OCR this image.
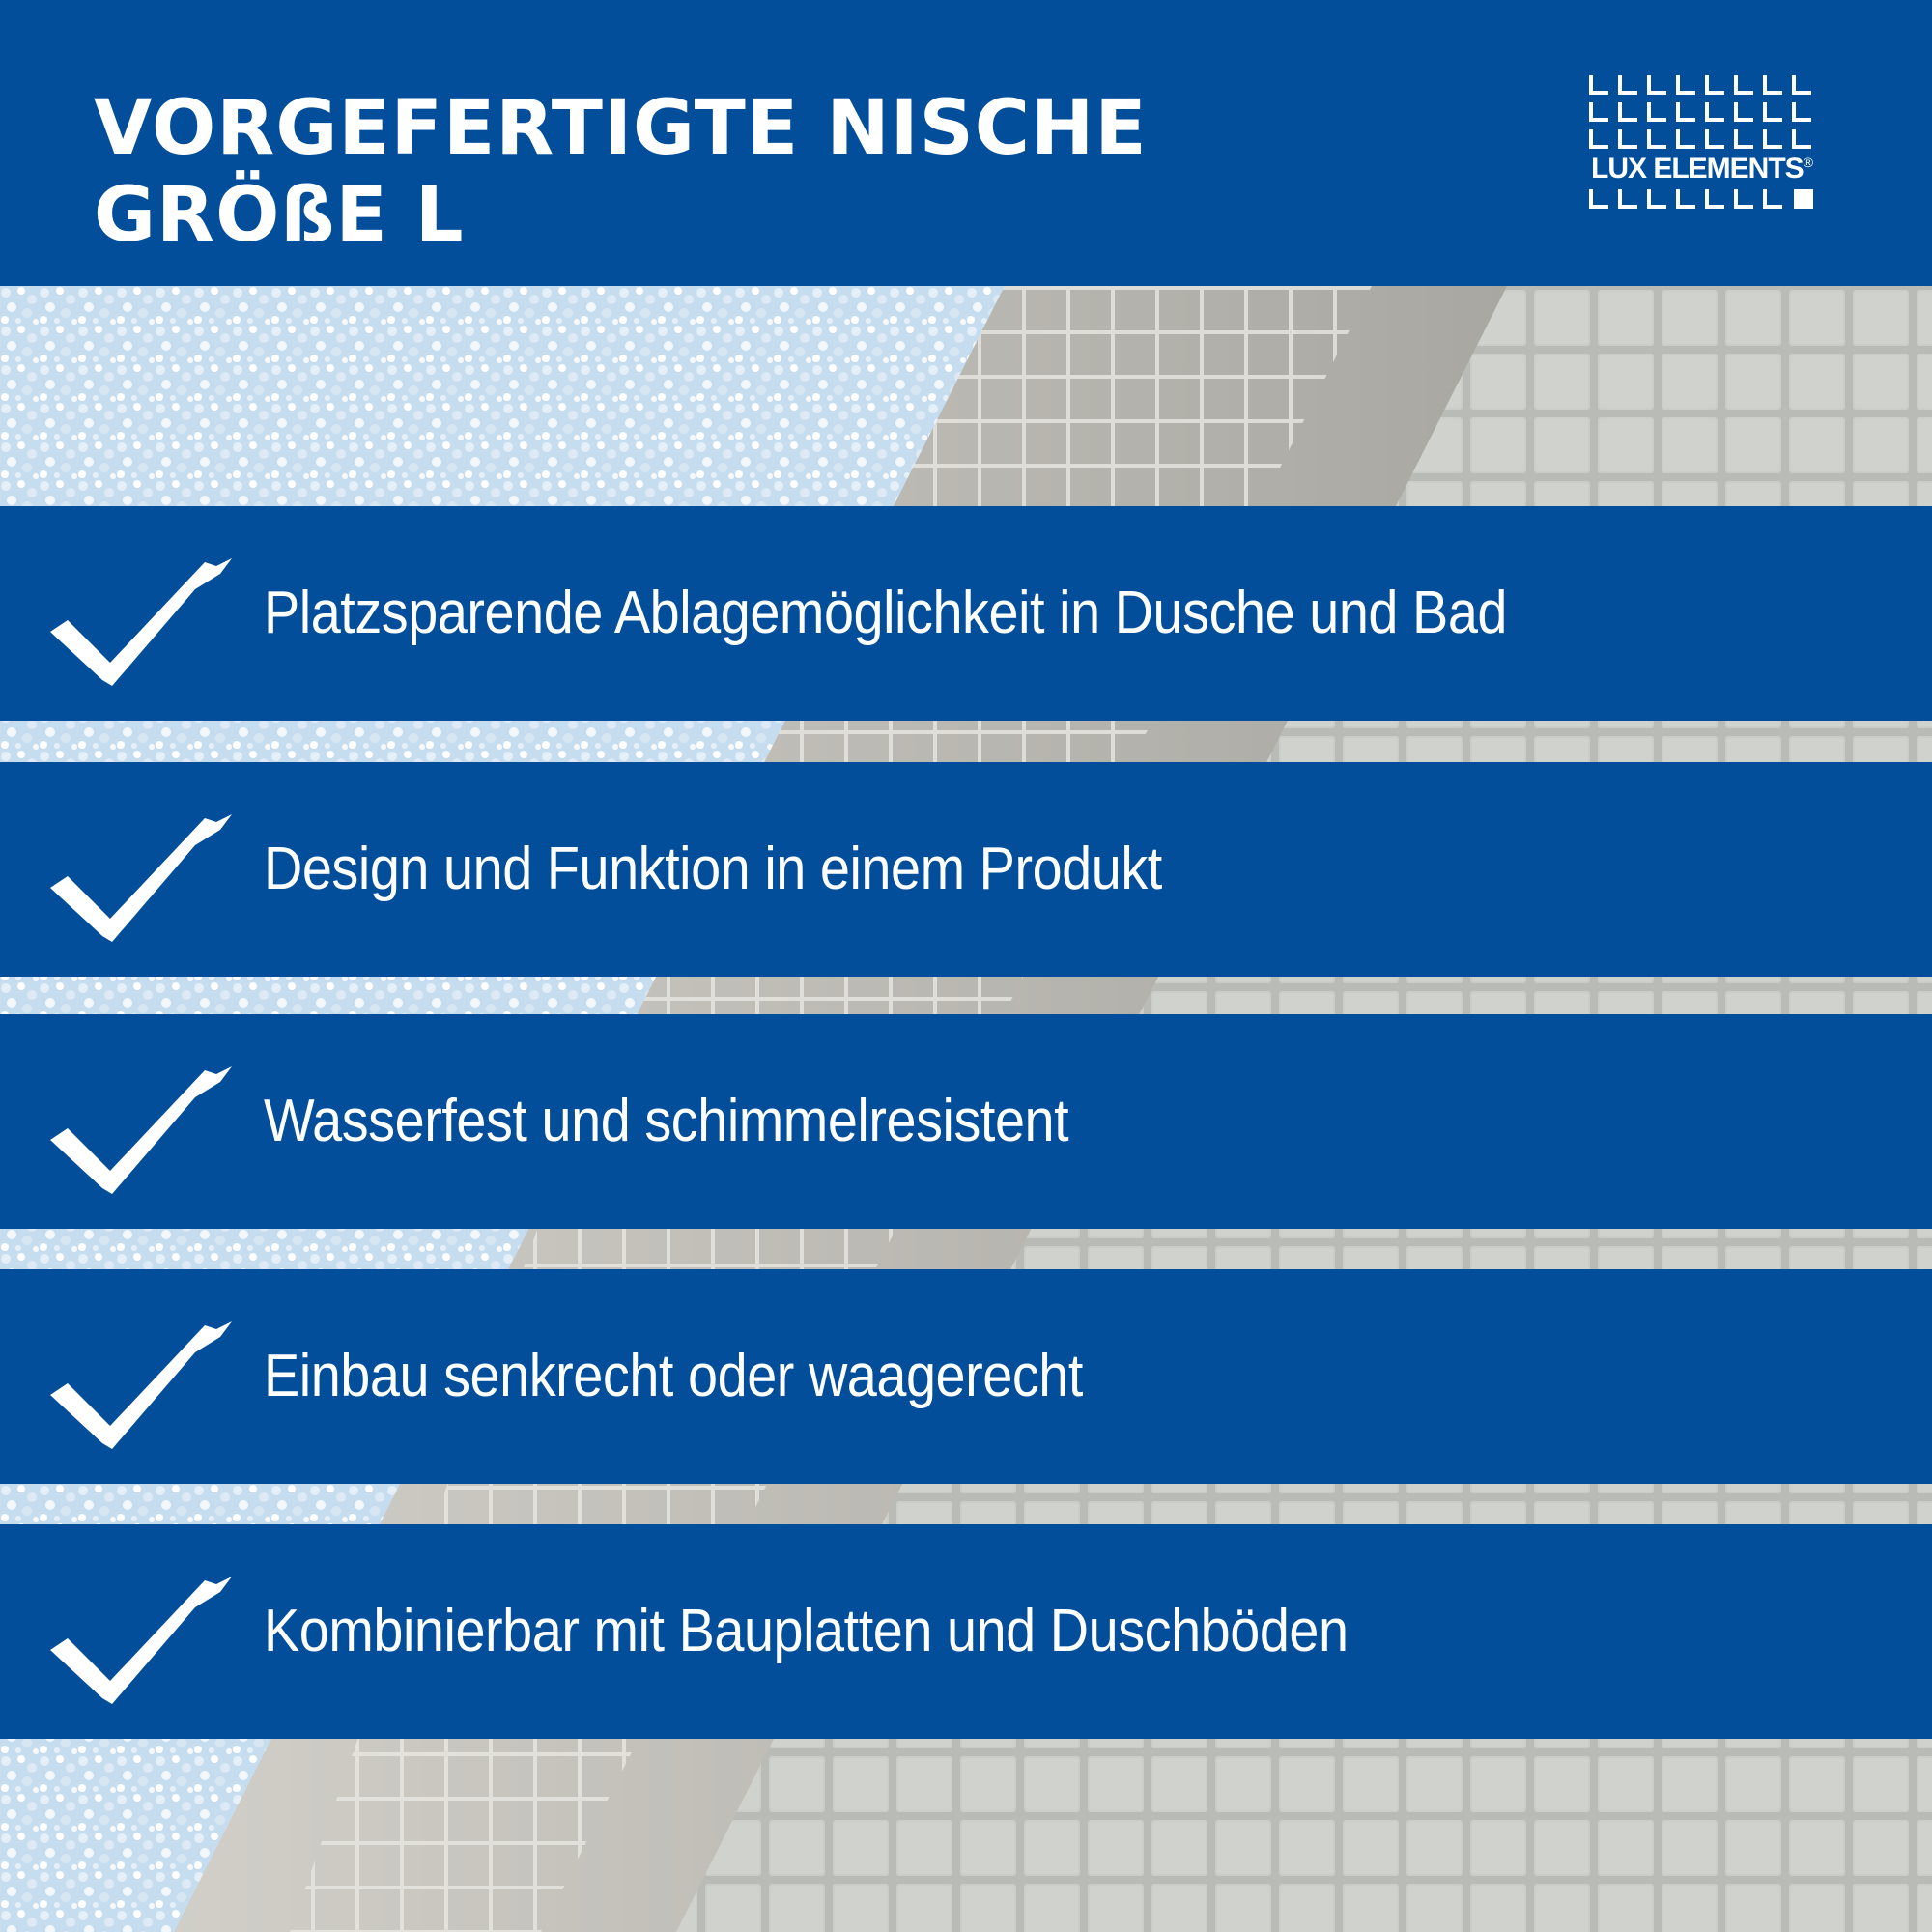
VORGEFERTIGTE NISCHE
GRÖßE L
LUX ELEMENTS®
Platzsparende Ablagemöglichkeit in Dusche und Bad
Design und Funktion in einem Produkt
Wasserfest und schimmelresistent
Einbau senkrecht oder waagerecht
Kombinierbar mit Bauplatten und Duschböden
